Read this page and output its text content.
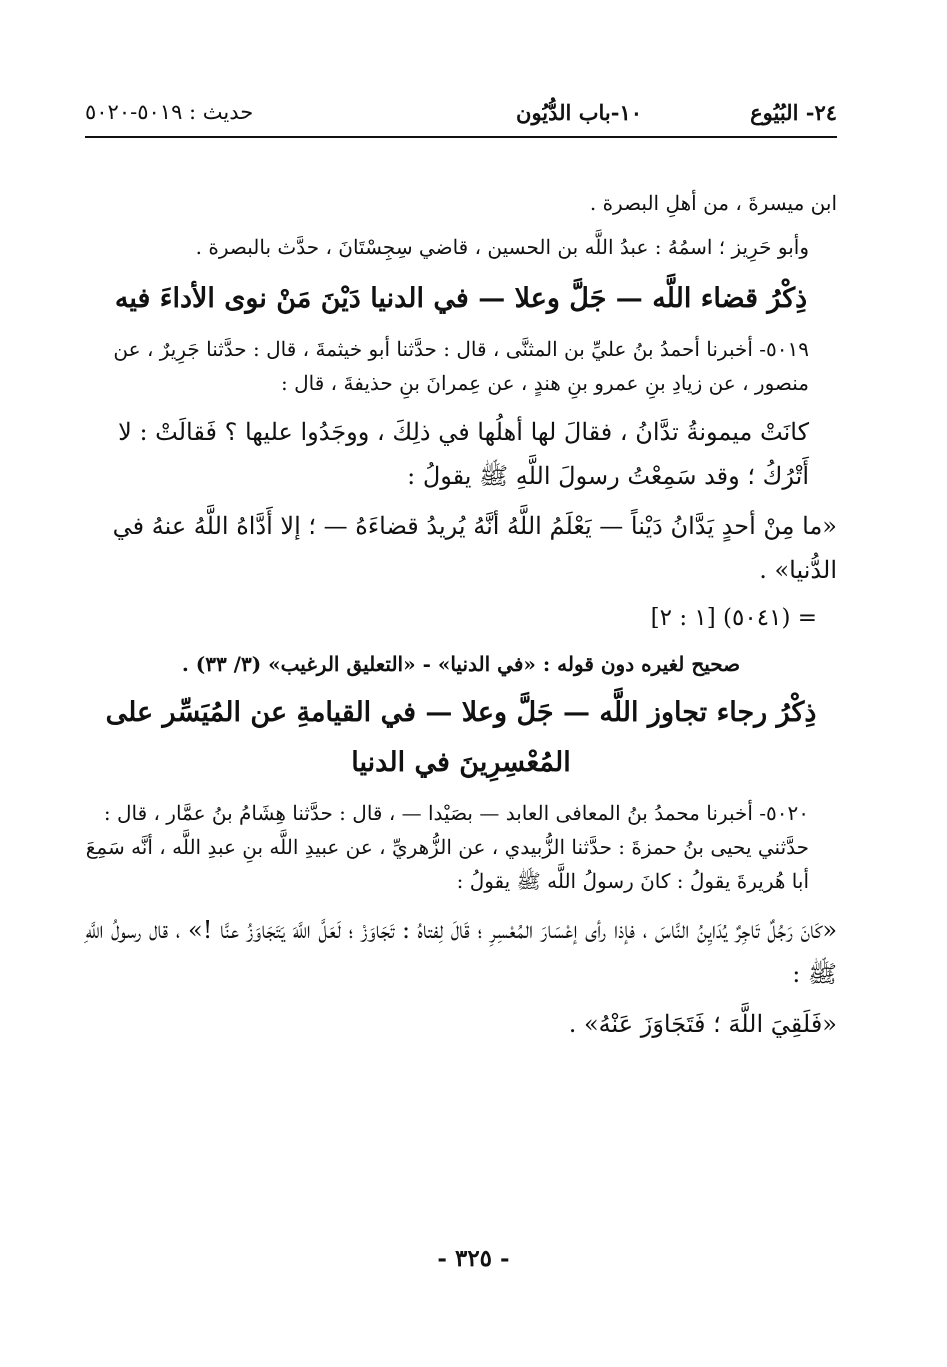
٢٤- البُيُوع
١٠-باب الدُّيُون
حديث : ٥٠١٩-٥٠٢٠

ابن ميسرةَ ، من أهلِ البصرة .

وأبو حَرِيز ؛ اسمُهُ : عبدُ اللَّه بن الحسين ، قاضي سِجِسْتَانَ ، حدَّث بالبصرة .

ذِكْرُ قضاء اللَّه — جَلَّ وعلا — في الدنيا دَيْنَ مَنْ نوى الأداءَ فيه

٥٠١٩- أخبرنا أحمدُ بنُ عليِّ بن المثنَّى ، قال : حدَّثنا أبو خيثمةَ ، قال : حدَّثنا جَرِيرٌ ، عن منصور ، عن زيادِ بنِ عمرو بنِ هندٍ ، عن عِمرانَ بنِ حذيفةَ ، قال :

كانَتْ ميمونةُ تدَّانُ ، فقالَ لها أهلُها في ذلِكَ ، ووجَدُوا عليها ؟ فَقالَتْ : لا أَتْرُكُ ؛ وقد سَمِعْتُ رسولَ اللَّهِ ﷺ يقولُ :

«ما مِنْ أحدٍ يَدَّانُ دَيْناً — يَعْلَمُ اللَّهُ أنَّهُ يُريدُ قضاءَهُ — ؛ إلا أَدَّاهُ اللَّهُ عنهُ في الدُّنيا» .

= (٥٠٤١) [١ : ٢]

صحيح لغيره دون قوله : «في الدنيا» - «التعليق الرغيب» (٣/ ٣٣) .

ذِكْرُ رجاء تجاوز اللَّه — جَلَّ وعلا — في القيامةِ عن المُيَسِّر على المُعْسِرِينَ في الدنيا

٥٠٢٠- أخبرنا محمدُ بنُ المعافى العابد — بصَيْدا — ، قال : حدَّثنا هِشَامُ بنُ عمَّار ، قال : حدَّثني يحيى بنُ حمزةَ : حدَّثنا الزُّبيدي ، عن الزُّهريِّ ، عن عبيدِ اللَّه بنِ عبدِ اللَّه ، أنَّه سَمِعَ أبا هُريرةَ يقولُ : كانَ رسولُ اللَّه ﷺ يقولُ :

«كَانَ رَجُلٌ تَاجِرٌ يُدَايِنُ النَّاسَ ، فإذا رأى إعْسَارَ المُعْسِرِ ؛ قَالَ لِفتاهُ : تَجَاوَزْ ؛ لَعَلَّ اللَّهَ يَتَجَاوَزُ عنَّا !» ، قال رسولُ اللَّهِ ﷺ :

«فَلَقِيَ اللَّهَ ؛ فَتَجَاوَزَ عَنْهُ» .

- ٣٢٥ -
